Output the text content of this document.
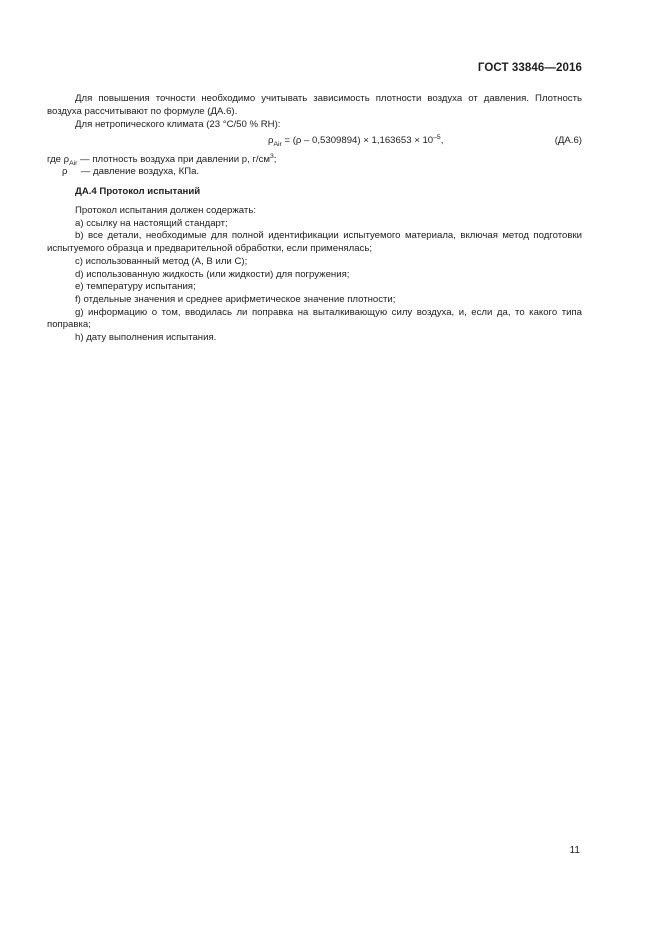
ГОСТ 33846—2016

Для повышения точности необходимо учитывать зависимость плотности воздуха от давления. Плотность воздуха рассчитывают по формуле (ДА.6).

Для нетропического климата (23 °С/50 % RH):

$\rho_{Air} = (\rho - 0,5309894) \times 1,163653 \times 10^{-5}$,	(ДА.6)
где $\rho_{Air}$ — плотность воздуха при давлении p, $г/см^3$;
ρ     — давление воздуха, КПа.
ДА.4 Протокол испытаний

Протокол испытания должен содержать:

а) ссылку на настоящий стандарт;

b) все детали, необходимые для полной идентификации испытуемого материала, включая метод подготовки испытуемого образца и предварительной обработки, если применялась;

c) использованный метод (А, В или С);

d) использованную жидкость (или жидкости) для погружения;

е) температуру испытания;

f) отдельные значения и среднее арифметическое значение плотности;

g) информацию о том, вводилась ли поправка на выталкивающую силу воздуха, и, если да, то какого типа поправка;

h) дату выполнения испытания.

11
